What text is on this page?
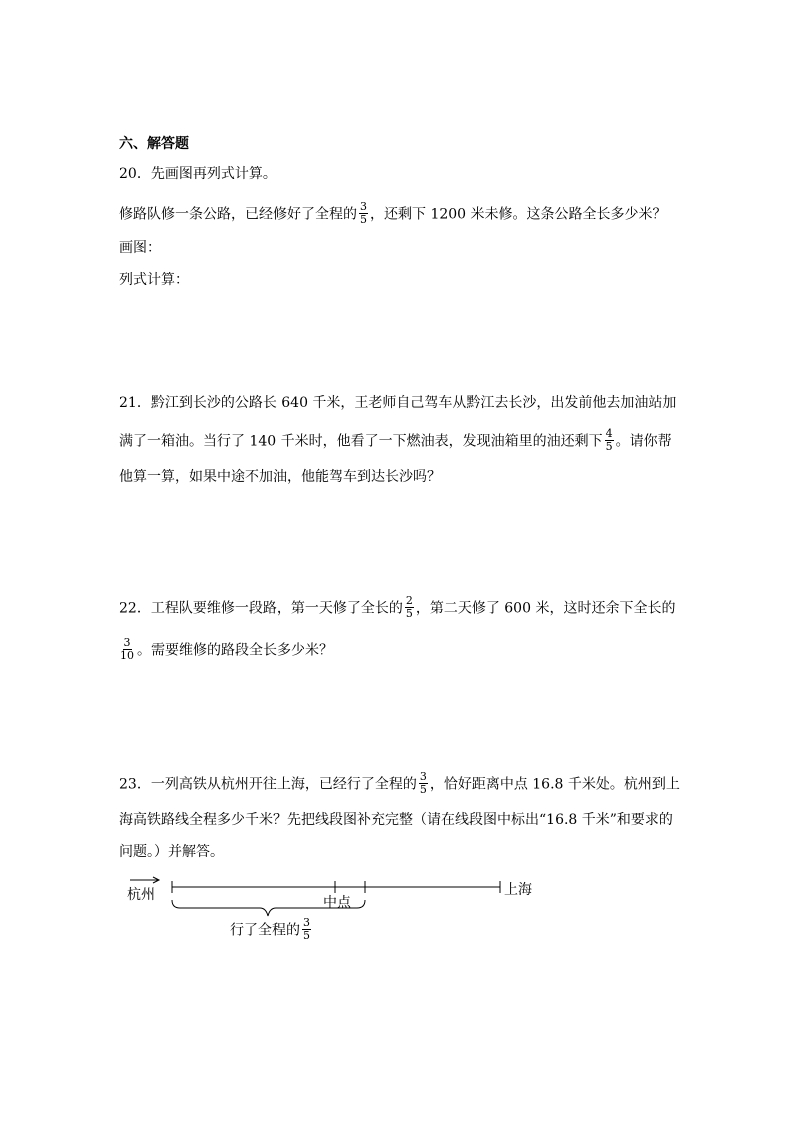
六、解答题
20．先画图再列式计算。
修路队修一条公路，已经修好了全程的 $\frac{3}{5}$ ，还剩下 1200 米未修。这条公路全长多少米？
画图：
列式计算：
21．黔江到长沙的公路长 640 千米，王老师自己驾车从黔江去长沙，出发前他去加油站加
满了一箱油。当行了 140 千米时，他看了一下燃油表，发现油箱里的油还剩下 $\frac{4}{5}$ 。请你帮
他算一算，如果中途不加油，他能驾车到达长沙吗？
22．工程队要维修一段路，第一天修了全长的 $\frac{2}{5}$ ，第二天修了 600 米，这时还余下全长的
$\frac{3}{10}$ 。需要维修的路段全长多少米？
23．一列高铁从杭州开往上海，已经行了全程的 $\frac{3}{5}$ ，恰好距离中点 16.8 千米处。杭州到上
海高铁路线全程多少千米？先把线段图补充完整（请在线段图中标出“16.8 千米”和要求的
问题。）并解答。
杭州	上海
中点
行了全程的 $\frac{3}{5}$
